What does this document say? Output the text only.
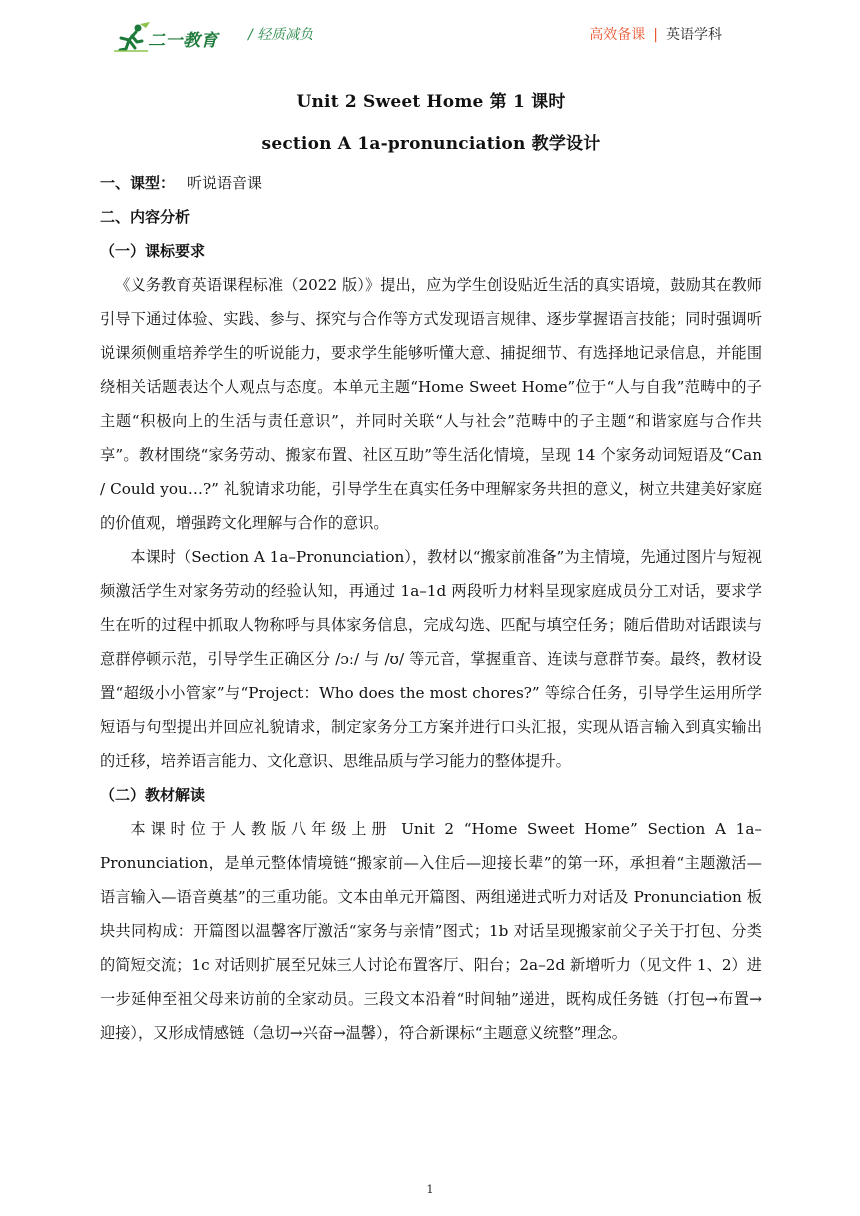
二一教育 / 轻质减负	高效备课 | 英语学科

Unit 2 Sweet Home 第 1 课时

section A 1a-pronunciation 教学设计

一、课型： 听说语音课

二、内容分析

（一）课标要求

《义务教育英语课程标准（2022 版）》提出，应为学生创设贴近生活的真实语境，鼓励其在教师引导下通过体验、实践、参与、探究与合作等方式发现语言规律、逐步掌握语言技能；同时强调听说课须侧重培养学生的听说能力，要求学生能够听懂大意、捕捉细节、有选择地记录信息，并能围绕相关话题表达个人观点与态度。本单元主题“Home Sweet Home”位于“人与自我”范畴中的子主题“积极向上的生活与责任意识”，并同时关联“人与社会”范畴中的子主题“和谐家庭与合作共享”。教材围绕“家务劳动、搬家布置、社区互助”等生活化情境，呈现 14 个家务动词短语及“Can / Could you…?” 礼貌请求功能，引导学生在真实任务中理解家务共担的意义，树立共建美好家庭的价值观，增强跨文化理解与合作的意识。

本课时（Section A 1a–Pronunciation），教材以“搬家前准备”为主情境，先通过图片与短视频激活学生对家务劳动的经验认知，再通过 1a–1d 两段听力材料呈现家庭成员分工对话，要求学生在听的过程中抓取人物称呼与具体家务信息，完成勾选、匹配与填空任务；随后借助对话跟读与意群停顿示范，引导学生正确区分 /ɔː/ 与 /ʊ/ 等元音，掌握重音、连读与意群节奏。最终，教材设置“超级小小管家”与“Project：Who does the most chores?” 等综合任务，引导学生运用所学短语与句型提出并回应礼貌请求，制定家务分工方案并进行口头汇报，实现从语言输入到真实输出的迁移，培养语言能力、文化意识、思维品质与学习能力的整体提升。

（二）教材解读

本课时位于人教版八年级上册 Unit 2 “Home Sweet Home” Section A 1a–Pronunciation，是单元整体情境链“搬家前—入住后—迎接长辈”的第一环，承担着“主题激活—语言输入—语音奠基”的三重功能。文本由单元开篇图、两组递进式听力对话及 Pronunciation 板块共同构成：开篇图以温馨客厅激活“家务与亲情”图式；1b 对话呈现搬家前父子关于打包、分类的简短交流；1c 对话则扩展至兄妹三人讨论布置客厅、阳台；2a–2d 新增听力（见文件 1、2）进一步延伸至祖父母来访前的全家动员。三段文本沿着“时间轴”递进，既构成任务链（打包→布置→迎接），又形成情感链（急切→兴奋→温馨），符合新课标“主题意义统整”理念。

1
